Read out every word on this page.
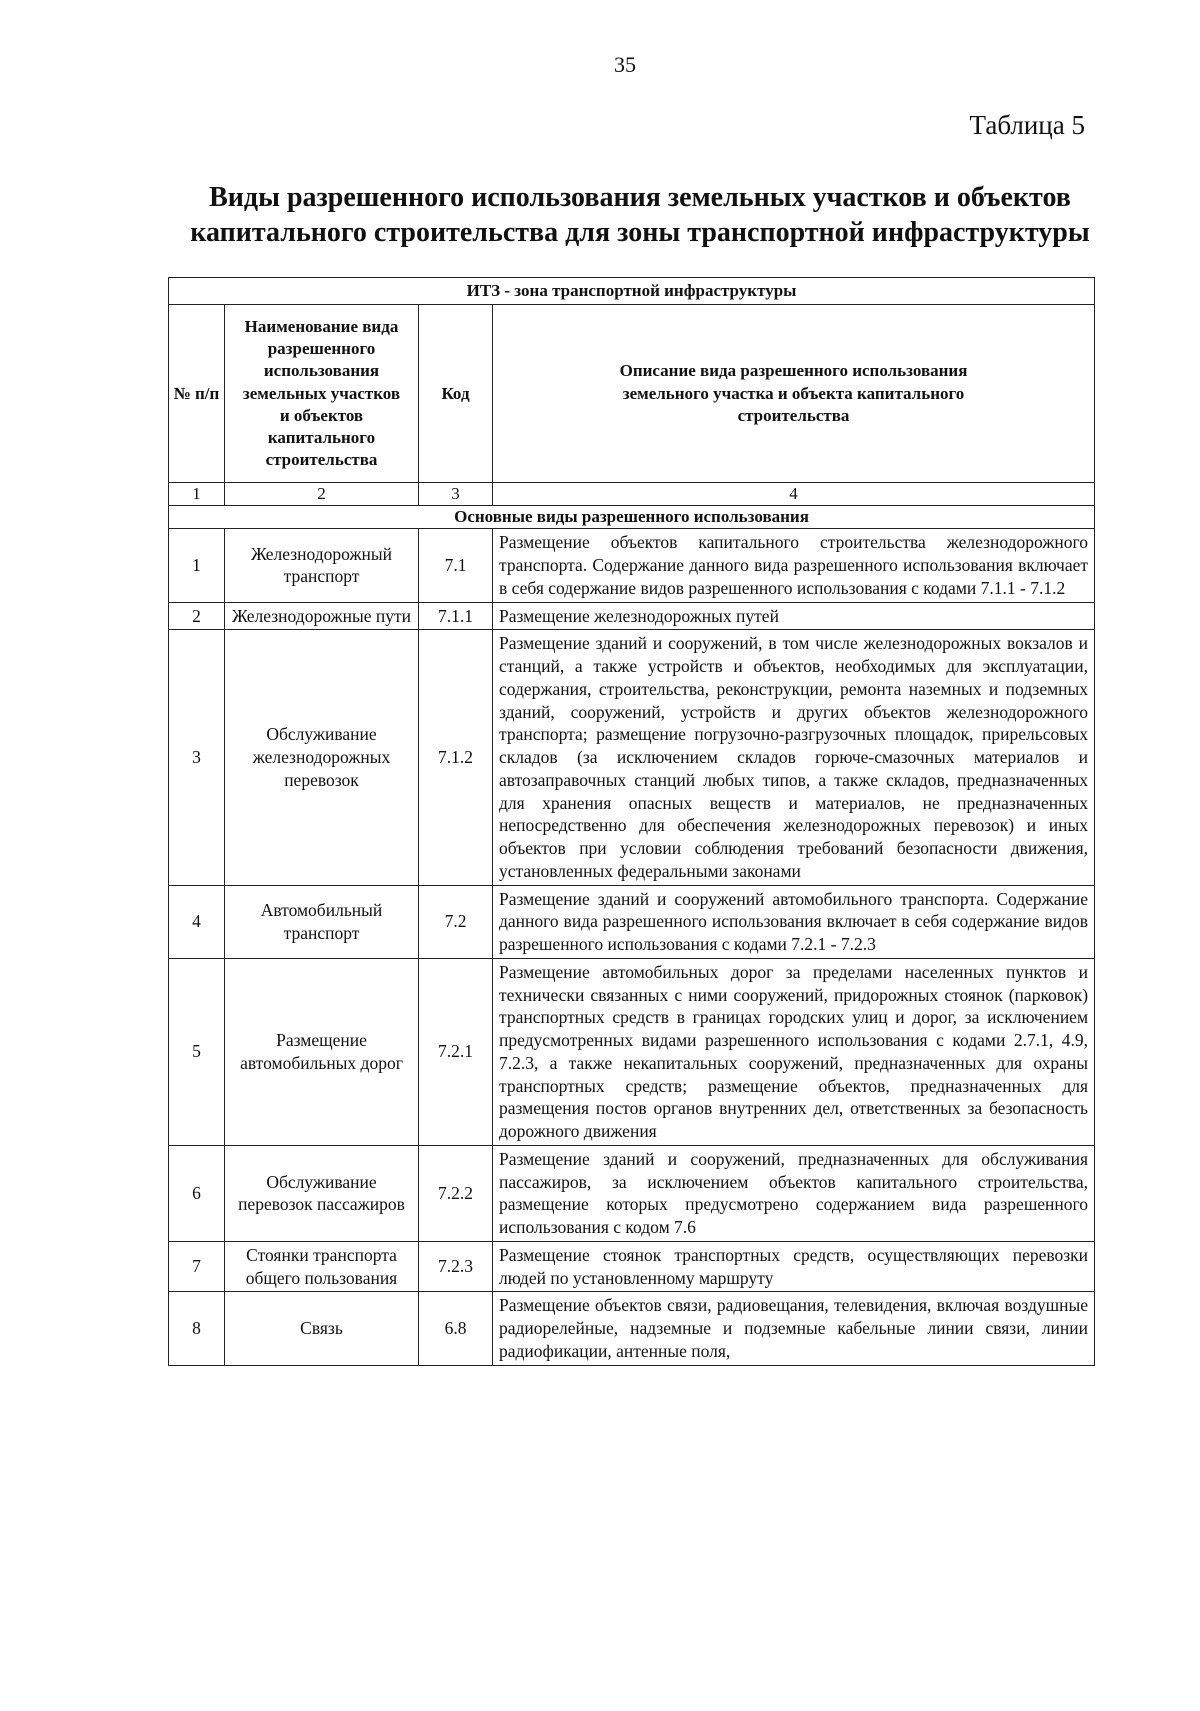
35
Таблица 5
Виды разрешенного использования земельных участков и объектов
капитального строительства для зоны транспортной инфраструктуры
ИТЗ - зона транспортной инфраструктуры			
№ п/п	Наименование вида разрешенного использования земельных участков и объектов капитального строительства	Код	Описание вида разрешенного использования земельного участка и объекта капитального строительства
1	2	3	4
Основные виды разрешенного использования			
1	Железнодорожный транспорт	7.1	Размещение объектов капитального строительства железнодорожного транспорта. Содержание данного вида разрешенного использования включает в себя содержание видов разрешенного использования с кодами 7.1.1 - 7.1.2
2	Железнодорожные пути	7.1.1	Размещение железнодорожных путей
3	Обслуживание железнодорожных перевозок	7.1.2	Размещение зданий и сооружений, в том числе железнодорожных вокзалов и станций, а также устройств и объектов, необходимых для эксплуатации, содержания, строительства, реконструкции, ремонта наземных и подземных зданий, сооружений, устройств и других объектов железнодорожного транспорта; размещение погрузочно-разгрузочных площадок, прирельсовых складов (за исключением складов горюче-смазочных материалов и автозаправочных станций любых типов, а также складов, предназначенных для хранения опасных веществ и материалов, не предназначенных непосредственно для обеспечения железнодорожных перевозок) и иных объектов при условии соблюдения требований безопасности движения, установленных федеральными законами
4	Автомобильный транспорт	7.2	Размещение зданий и сооружений автомобильного транспорта. Содержание данного вида разрешенного использования включает в себя содержание видов разрешенного использования с кодами 7.2.1 - 7.2.3
5	Размещение автомобильных дорог	7.2.1	Размещение автомобильных дорог за пределами населенных пунктов и технически связанных с ними сооружений, придорожных стоянок (парковок) транспортных средств в границах городских улиц и дорог, за исключением предусмотренных видами разрешенного использования с кодами 2.7.1, 4.9, 7.2.3, а также некапитальных сооружений, предназначенных для охраны транспортных средств; размещение объектов, предназначенных для размещения постов органов внутренних дел, ответственных за безопасность дорожного движения
6	Обслуживание перевозок пассажиров	7.2.2	Размещение зданий и сооружений, предназначенных для обслуживания пассажиров, за исключением объектов капитального строительства, размещение которых предусмотрено содержанием вида разрешенного использования с кодом 7.6
7	Стоянки транспорта общего пользования	7.2.3	Размещение стоянок транспортных средств, осуществляющих перевозки людей по установленному маршруту
8	Связь	6.8	Размещение объектов связи, радиовещания, телевидения, включая воздушные радиорелейные, надземные и подземные кабельные линии связи, линии радиофикации, антенные поля,
